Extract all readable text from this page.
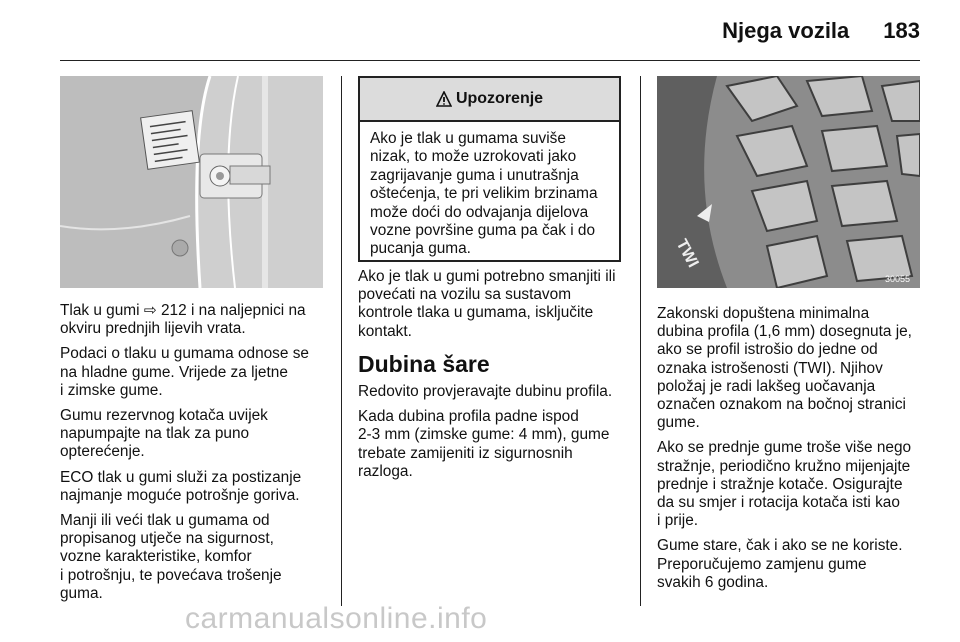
Njega vozila 183

Tlak u gumi ⇨ 212 i na naljepnici na
okviru prednjih lijevih vrata.

Podaci o tlaku u gumama odnose se
na hladne gume. Vrijede za ljetne
i zimske gume.

Gumu rezervnog kotača uvijek
napumpajte na tlak za puno
opterećenje.

ECO tlak u gumi služi za postizanje
najmanje moguće potrošnje goriva.

Manji ili veći tlak u gumama od
propisanog utječe na sigurnost,
vozne karakteristike, komfor
i potrošnju, te povećava trošenje
guma.

Upozorenje
Ako je tlak u gumama suviše
nizak, to može uzrokovati jako
zagrijavanje guma i unutrašnja
oštećenja, te pri velikim brzinama
može doći do odvajanja dijelova
vozne površine guma pa čak i do
pucanja guma.

Ako je tlak u gumi potrebno smanjiti ili
povećati na vozilu sa sustavom
kontrole tlaka u gumama, isključite
kontakt.

Dubina šare

Redovito provjeravajte dubinu profila.

Kada dubina profila padne ispod
2-3 mm (zimske gume: 4 mm), gume
trebate zamijeniti iz sigurnosnih
razloga.

TWI
30055

Zakonski dopuštena minimalna
dubina profila (1,6 mm) dosegnuta je,
ako se profil istrošio do jedne od
oznaka istrošenosti (TWI). Njihov
položaj je radi lakšeg uočavanja
označen oznakom na bočnoj stranici
gume.

Ako se prednje gume troše više nego
stražnje, periodično kružno mijenjajte
prednje i stražnje kotače. Osigurajte
da su smjer i rotacija kotača isti kao
i prije.

Gume stare, čak i ako se ne koriste.
Preporučujemo zamjenu gume
svakih 6 godina.

carmanualsonline.info
